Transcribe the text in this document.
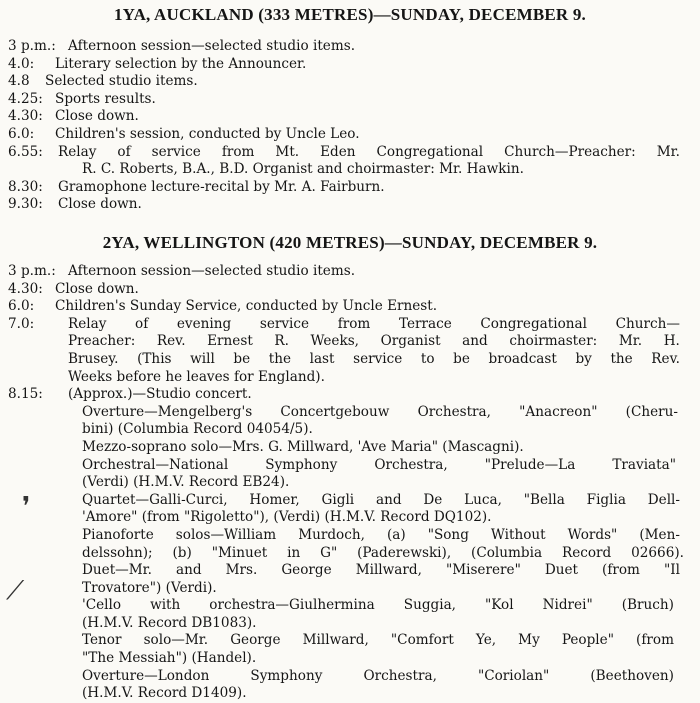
1YA, AUCKLAND (333 METRES)—SUNDAY, DECEMBER 9.
3 p.m.: Afternoon session—selected studio items.
4.0: Literary selection by the Announcer.
4.8 Selected studio items.
4.25: Sports results.
4.30: Close down.
6.0: Children's session, conducted by Uncle Leo.
6.55: Relay of service from Mt. Eden Congregational Church—Preacher: Mr.
R. C. Roberts, B.A., B.D. Organist and choirmaster: Mr. Hawkin.
8.30: Gramophone lecture-recital by Mr. A. Fairburn.
9.30: Close down.
2YA, WELLINGTON (420 METRES)—SUNDAY, DECEMBER 9.
3 p.m.: Afternoon session—selected studio items.
4.30: Close down.
6.0: Children's Sunday Service, conducted by Uncle Ernest.
7.0: Relay of evening service from Terrace Congregational Church—
Preacher: Rev. Ernest R. Weeks, Organist and choirmaster: Mr. H.
Brusey. (This will be the last service to be broadcast by the Rev.
Weeks before he leaves for England).
8.15: (Approx.)—Studio concert.
Overture—Mengelberg's Concertgebouw Orchestra, "Anacreon" (Cheru-
bini) (Columbia Record 04054/5).
Mezzo-soprano solo—Mrs. G. Millward, 'Ave Maria" (Mascagni).
Orchestral—National	Symphony	Orchestra,	"Prelude—La	Traviata"
(Verdi) (H.M.V. Record EB24).
Quartet—Galli-Curci, Homer, Gigli and De Luca, "Bella Figlia Dell-
'Amore" (from "Rigoletto"), (Verdi) (H.M.V. Record DQ102).
Pianoforte solos—William Murdoch, (a) "Song Without Words" (Men-
delssohn); (b) "Minuet in G" (Paderewski), (Columbia Record 02666).
Duet—Mr. and Mrs. George Millward, "Miserere" Duet (from "Il
Trovatore") (Verdi).
'Cello with orchestra—Giulhermina Suggia, "Kol Nidrei" (Bruch)
(H.M.V. Record DB1083).
Tenor solo—Mr. George Millward, "Comfort Ye, My People" (from
"The Messiah") (Handel).
Overture—London	Symphony	Orchestra,	"Coriolan"	(Beethoven)
(H.M.V. Record D1409).
❜
⟋
